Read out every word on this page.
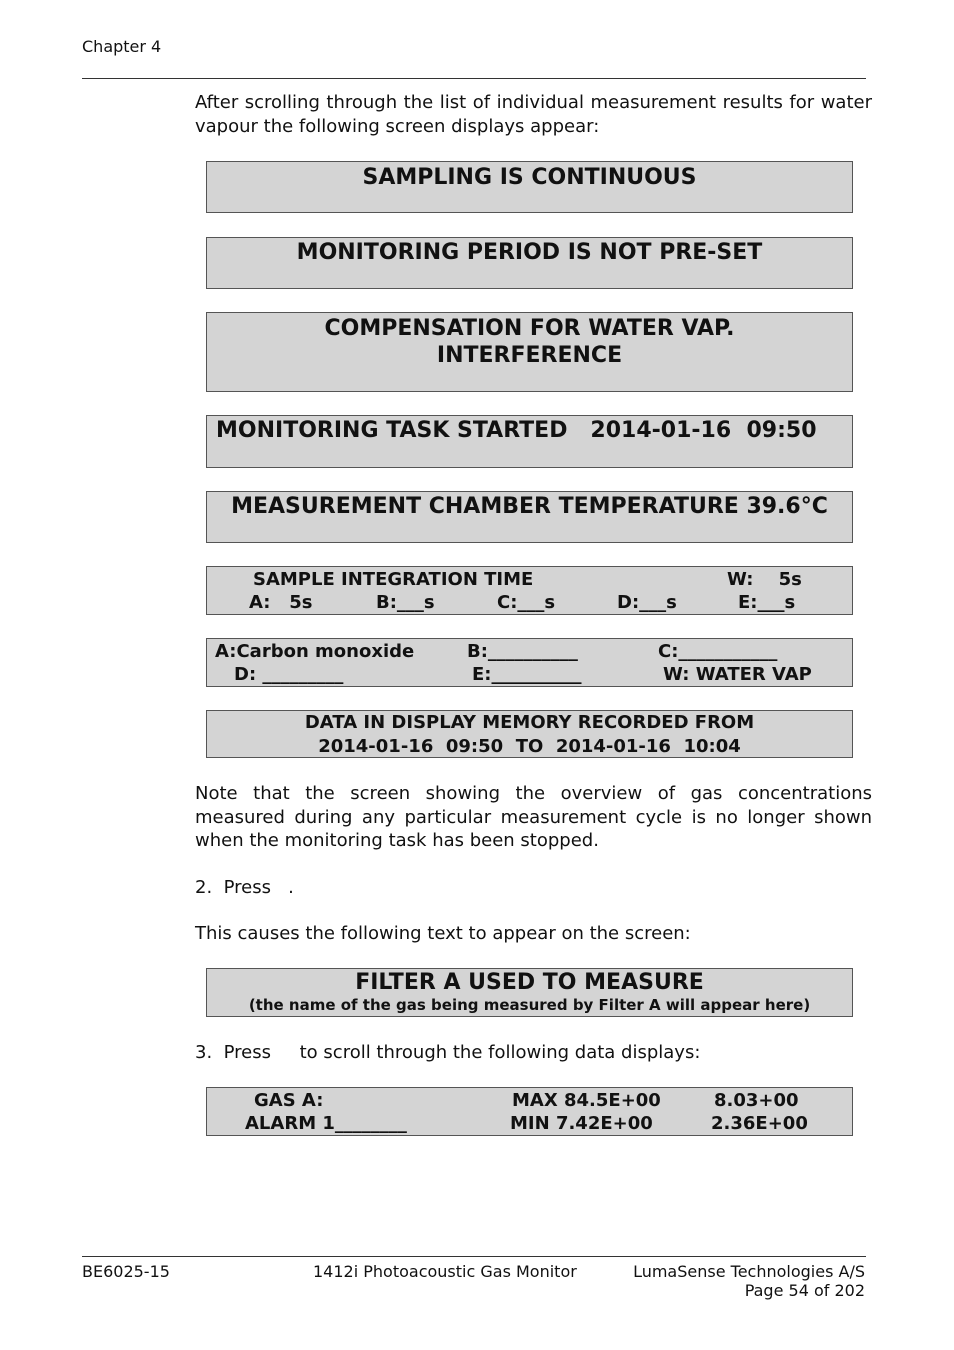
Chapter 4
After scrolling through the list of individual measurement results for water vapour the following screen displays appear:
SAMPLING IS CONTINUOUS
MONITORING PERIOD IS NOT PRE-SET
COMPENSATION FOR WATER VAP.
INTERFERENCE
MONITORING TASK STARTED   2014-01-16  09:50
MEASUREMENT CHAMBER TEMPERATURE 39.6°C
SAMPLE INTEGRATION TIME	W:    5s
A:   5s	B:___s	C:___s	D:___s	E:___s
A:Carbon monoxide	B:__________	C:___________
D: _________	E:__________	W: WATER VAP
DATA IN DISPLAY MEMORY RECORDED FROM
2014-01-16  09:50  TO  2014-01-16  10:04
Note that the screen showing the overview of gas concentrations measured during any particular measurement cycle is no longer shown when the monitoring task has been stopped.
2. Press   .
This causes the following text to appear on the screen:
FILTER A USED TO MEASURE
(the name of the gas being measured by Filter A will appear here)
3. Press     to scroll through the following data displays:
GAS A:	MAX 84.5E+00	8.03+00
ALARM 1________	MIN 7.42E+00	2.36E+00
BE6025-15	1412i Photoacoustic Gas Monitor	LumaSense Technologies A/S
Page 54 of 202
